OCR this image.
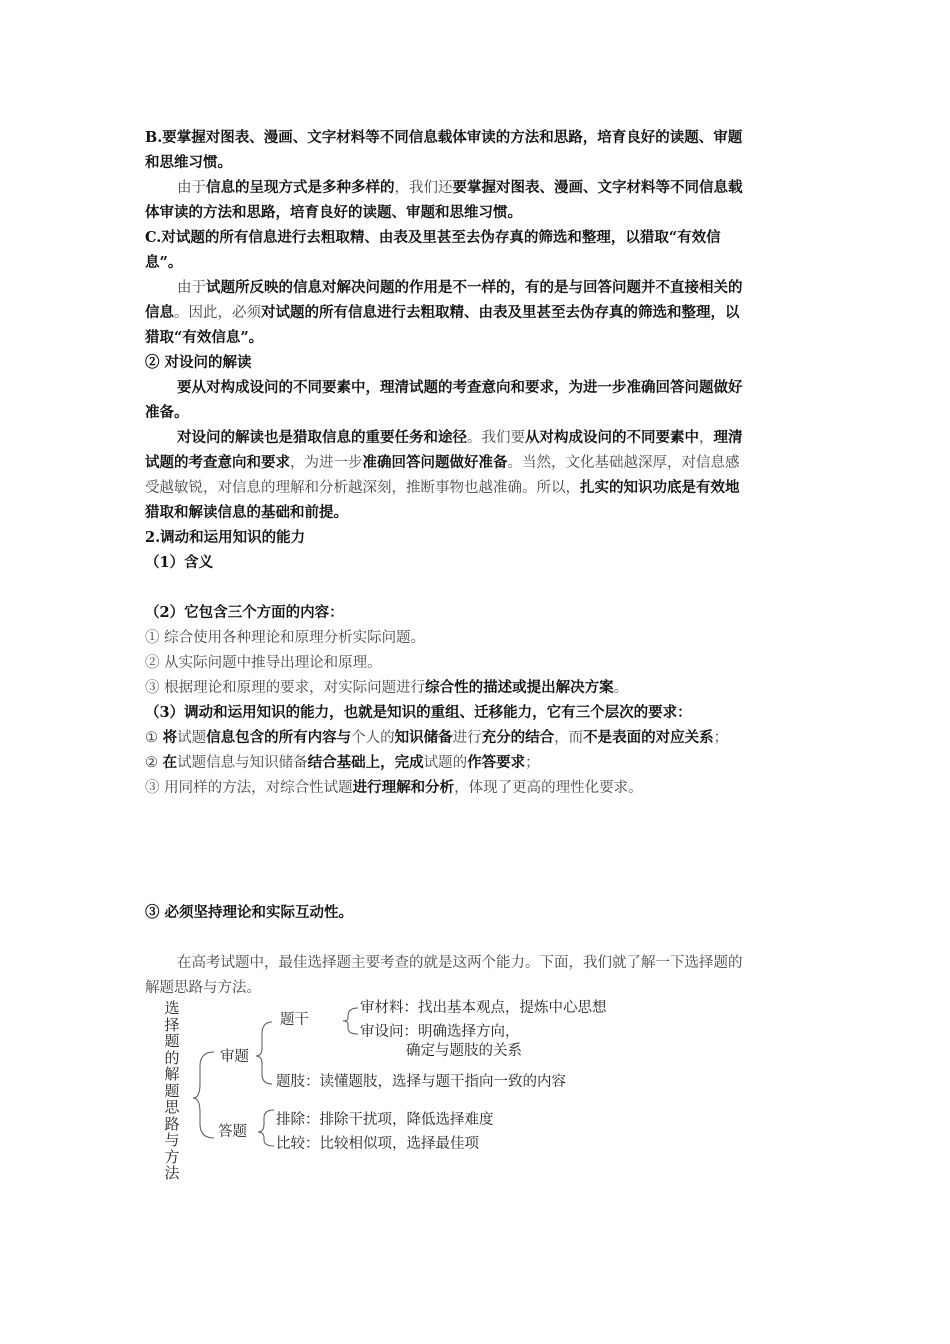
B.要掌握对图表、漫画、文字材料等不同信息载体审读的方法和思路，培育良好的读题、审题
和思维习惯。
由于信息的呈现方式是多种多样的，我们还要掌握对图表、漫画、文字材料等不同信息载
体审读的方法和思路，培育良好的读题、审题和思维习惯。
C.对试题的所有信息进行去粗取精、由表及里甚至去伪存真的筛选和整理，以猎取“有效信
息”。
由于试题所反映的信息对解决问题的作用是不一样的，有的是与回答问题并不直接相关的
信息。因此，必须对试题的所有信息进行去粗取精、由表及里甚至去伪存真的筛选和整理，以
猎取“有效信息”。
② 对设问的解读
要从对构成设问的不同要素中，理清试题的考查意向和要求，为进一步准确回答问题做好
准备。
对设问的解读也是猎取信息的重要任务和途径。我们要从对构成设问的不同要素中，理清
试题的考查意向和要求，为进一步准确回答问题做好准备。当然，文化基础越深厚，对信息感
受越敏锐，对信息的理解和分析越深刻，推断事物也越准确。所以，扎实的知识功底是有效地
猎取和解读信息的基础和前提。
2.调动和运用知识的能力
（1）含义
（2）它包含三个方面的内容：
① 综合使用各种理论和原理分析实际问题。
② 从实际问题中推导出理论和原理。
③ 根据理论和原理的要求，对实际问题进行综合性的描述或提出解决方案。
（3）调动和运用知识的能力，也就是知识的重组、迁移能力，它有三个层次的要求：
① 将试题信息包含的所有内容与个人的知识储备进行充分的结合，而不是表面的对应关系；
② 在试题信息与知识储备结合基础上，完成试题的作答要求；
③ 用同样的方法，对综合性试题进行理解和分析，体现了更高的理性化要求。
③ 必须坚持理论和实际互动性。
在高考试题中，最佳选择题主要考查的就是这两个能力。下面，我们就了解一下选择题的
解题思路与方法。
选
择
题
的
解
题
思
路
与
方
法
审题
答题
题干
审材料：找出基本观点，提炼中心思想
审设问：明确选择方向，
确定与题肢的关系
题肢：读懂题肢，选择与题干指向一致的内容
排除：排除干扰项，降低选择难度
比较：比较相似项，选择最佳项
